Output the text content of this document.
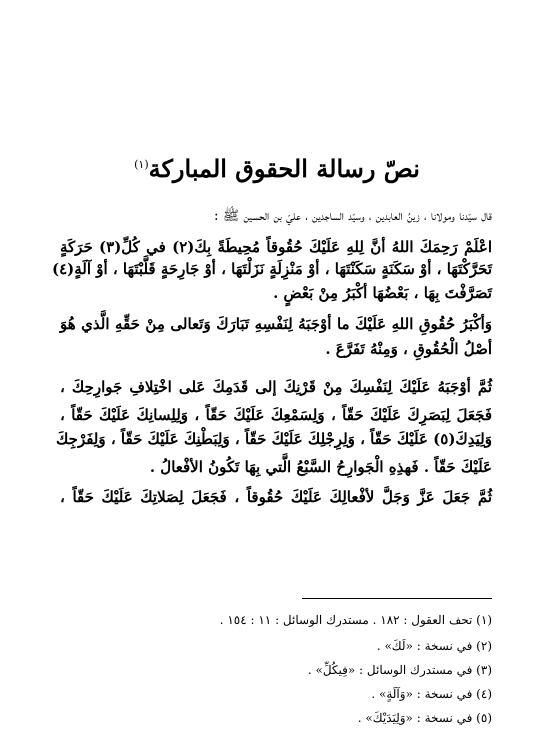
نصّ رسالة الحقوق المباركة$^{(١)}$
قال سيّدنا ومولانا ، زينُ العابدين ، وسيّد الساجدين ، عليّ بن الحسين ﷺ :
اعْلَمْ رَحِمَكَ اللهُ أنَّ لِلهِ عَلَيْكَ حُقُوقاً مُحِيطَةً بِكَ(٢) في كُلِّ(٣) حَرَكَةٍ
تَحَرَّكْتَهَا ، أوْ سَكَنَةٍ سَكَنْتَهَا ، أوْ مَنْزِلَةٍ نَزَلْتَهَا ، أوْ جَارِحَةٍ قَلَّبْتَهَا ، أوْ آلَةٍ(٤)
تَصَرَّفْتَ بِهَا ، بَعْضُهَا أكْبَرُ مِنْ بَعْضٍ .
وَأكْبَرُ حُقُوقِ اللهِ عَلَيْكَ ما أوْجَبَهُ لِنَفْسِهِ تَبَارَكَ وَتَعالى مِنْ حَقِّهِ الَّذي هُوَ
أصْلُ الْحُقُوقِ ، وَمِنْهُ تَفَرَّعَ .
ثُمَّ أوْجَبَهُ عَلَيْكَ لِنَفْسِكَ مِنْ قَرْنِكَ إلى قَدَمِكَ عَلى اخْتِلافِ جَوارِحِكَ ،
فَجَعَلَ لِبَصَرِكَ عَلَيْكَ حَقّاً ، وَلِسَمْعِكَ عَلَيْكَ حَقّاً ، وَلِلِسانِكَ عَلَيْكَ حَقّاً ،
وَلِيَدِكَ(٥) عَلَيْكَ حَقّاً ، وَلِرِجْلِكَ عَلَيْكَ حَقّاً ، وَلِبَطْنِكَ عَلَيْكَ حَقّاً ، وَلِفَرْجِكَ
عَلَيْكَ حَقّاً . فَهذِهِ الْجَوارِحُ السَّبْعُ الَّتي بِهَا تَكُونُ الأفْعالُ .
ثُمَّ جَعَلَ عَزَّ وَجَلَّ لأفْعالِكَ عَلَيْكَ حُقُوقاً ، فَجَعَلَ لِصَلاتِكَ عَلَيْكَ حَقّاً ،
(١) تحف العقول : ١٨٢ . مستدرك الوسائل : ١١ : ١٥٤ .
(٢) في نسخة : «لَكَ» .
(٣) في مستدرك الوسائل : «فِيكُلِّ» .
(٤) في نسخة : «وَآلَةٍ» .
(٥) في نسخة : «وَلِيَدَيْكَ» .
